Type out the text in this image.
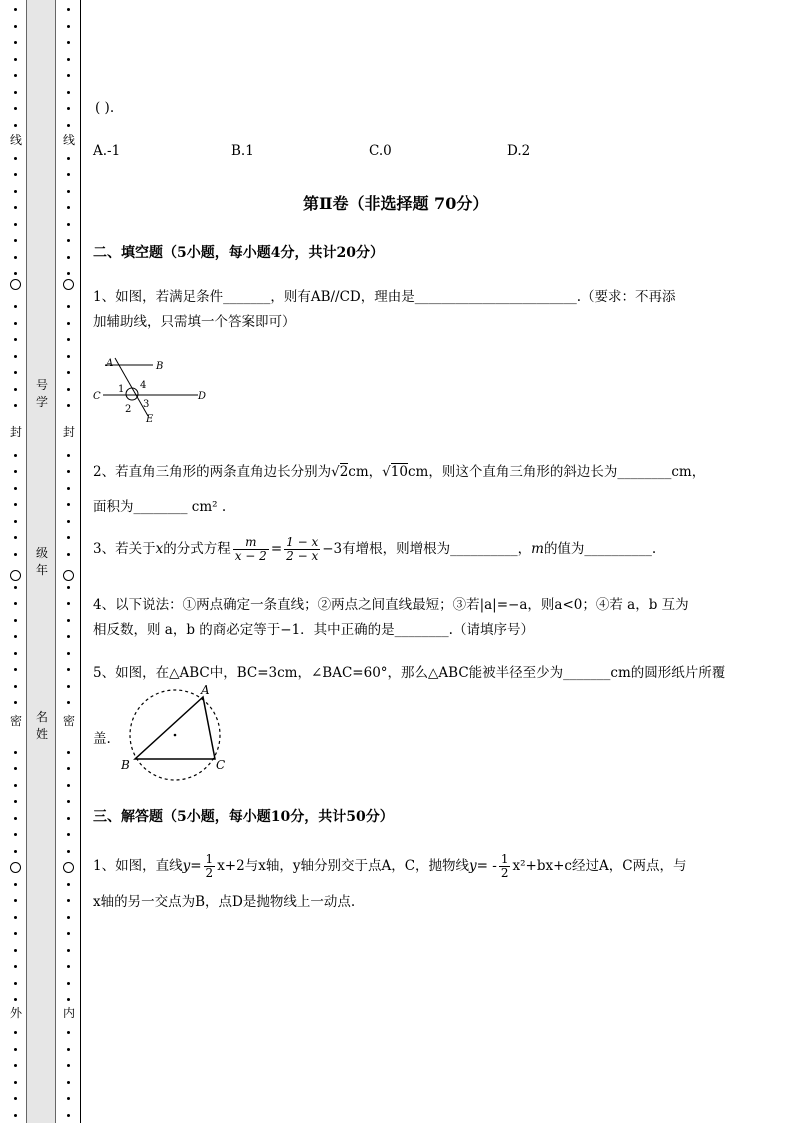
线
封
密
外
线
封
密
内
号学
级年
名姓
( ).
A.-1	B.1	C.0	D.2
第Ⅱ卷（非选择题 70分）
二、填空题（5小题，每小题4分，共计20分）
1、如图，若满足条件_______，则有AB//CD，理由是________________________.（要求：不再添
加辅助线，只需填一个答案即可）
A	B
C	D
E
1
2 3
4
2、若直角三角形的两条直角边长分别为√2cm，√10cm，则这个直角三角形的斜边长为________cm，
面积为________ cm² .
3、若关于x的分式方程 $\frac{m}{x - 2} = \frac{1 - x}{2 - x} -3$有增根，则增根为__________，m的值为__________.
4、以下说法：①两点确定一条直线；②两点之间直线最短；③若|a|=−a，则a<0；④若 a，b 互为
相反数，则 a，b 的商必定等于−1．其中正确的是________.（请填序号）
5、如图，在△ABC中，BC=3cm，∠BAC=60°，那么△ABC能被半径至少为_______cm的圆形纸片所覆
盖.
A
B	C
三、解答题（5小题，每小题10分，共计50分）
1、如图，直线$y= \frac{1}{2} x+2$与x轴，y轴分别交于点A，C，抛物线$y= - \frac{1}{2} x^2+bx+c$经过A，C两点，与
x轴的另一交点为B，点D是抛物线上一动点.
